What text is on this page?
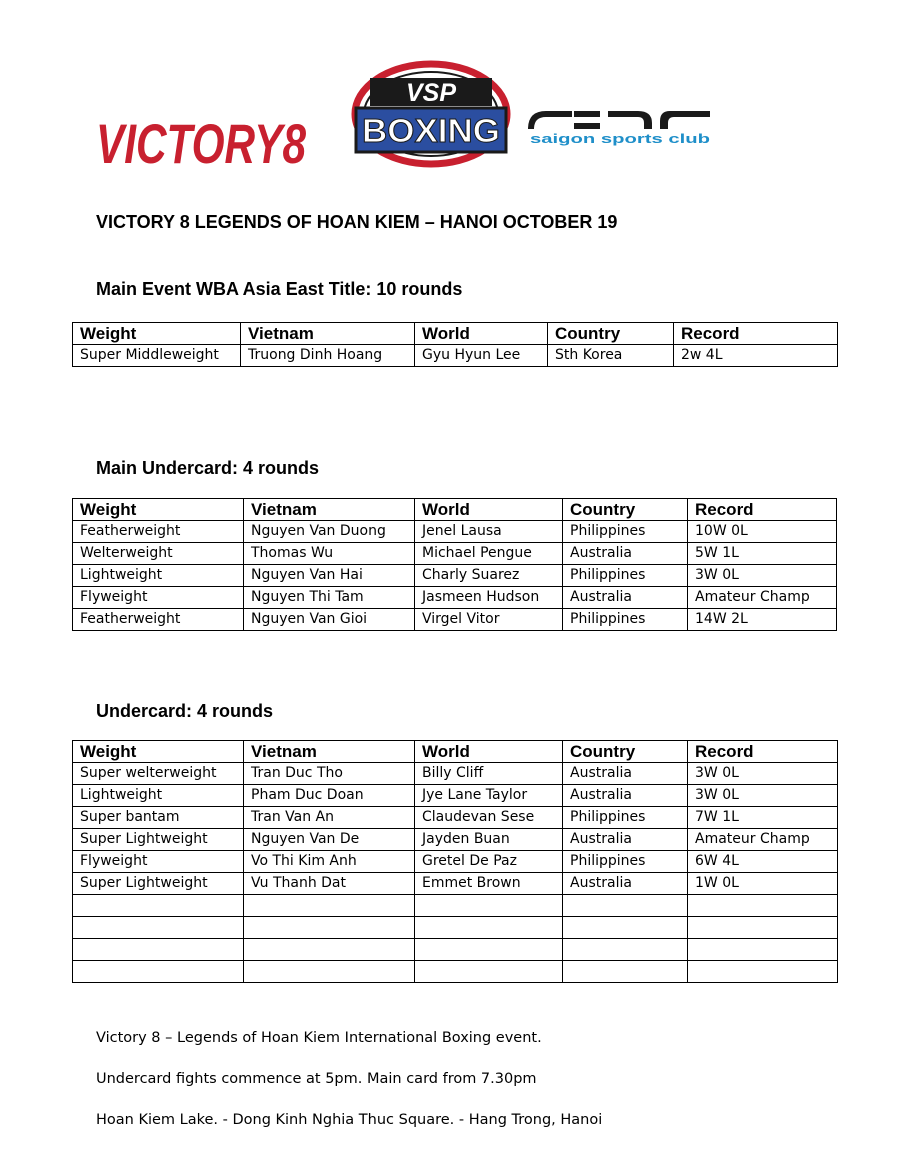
VICTORY8
VSP
BOXING saigon sports club
VICTORY 8 LEGENDS OF HOAN KIEM – HANOI OCTOBER 19
Main Event WBA Asia East Title: 10 rounds
Weight	Vietnam	World	Country	Record
Super Middleweight	Truong Dinh Hoang	Gyu Hyun Lee	Sth Korea	2w 4L
Main Undercard: 4 rounds
Weight	Vietnam	World	Country	Record
Featherweight	Nguyen Van Duong	Jenel Lausa	Philippines	10W 0L
Welterweight	Thomas Wu	Michael Pengue	Australia	5W 1L
Lightweight	Nguyen Van Hai	Charly Suarez	Philippines	3W 0L
Flyweight	Nguyen Thi Tam	Jasmeen Hudson	Australia	Amateur Champ
Featherweight	Nguyen Van Gioi	Virgel Vitor	Philippines	14W 2L
Undercard: 4 rounds
Weight	Vietnam	World	Country	Record
Super welterweight	Tran Duc Tho	Billy Cliff	Australia	3W 0L
Lightweight	Pham Duc Doan	Jye Lane Taylor	Australia	3W 0L
Super bantam	Tran Van An	Claudevan Sese	Philippines	7W 1L
Super Lightweight	Nguyen Van De	Jayden Buan	Australia	Amateur Champ
Flyweight	Vo Thi Kim Anh	Gretel De Paz	Philippines	6W 4L
Super Lightweight	Vu Thanh Dat	Emmet Brown	Australia	1W 0L

Victory 8 – Legends of Hoan Kiem International Boxing event.
Undercard fights commence at 5pm. Main card from 7.30pm
Hoan Kiem Lake. - Dong Kinh Nghia Thuc Square. - Hang Trong, Hanoi
